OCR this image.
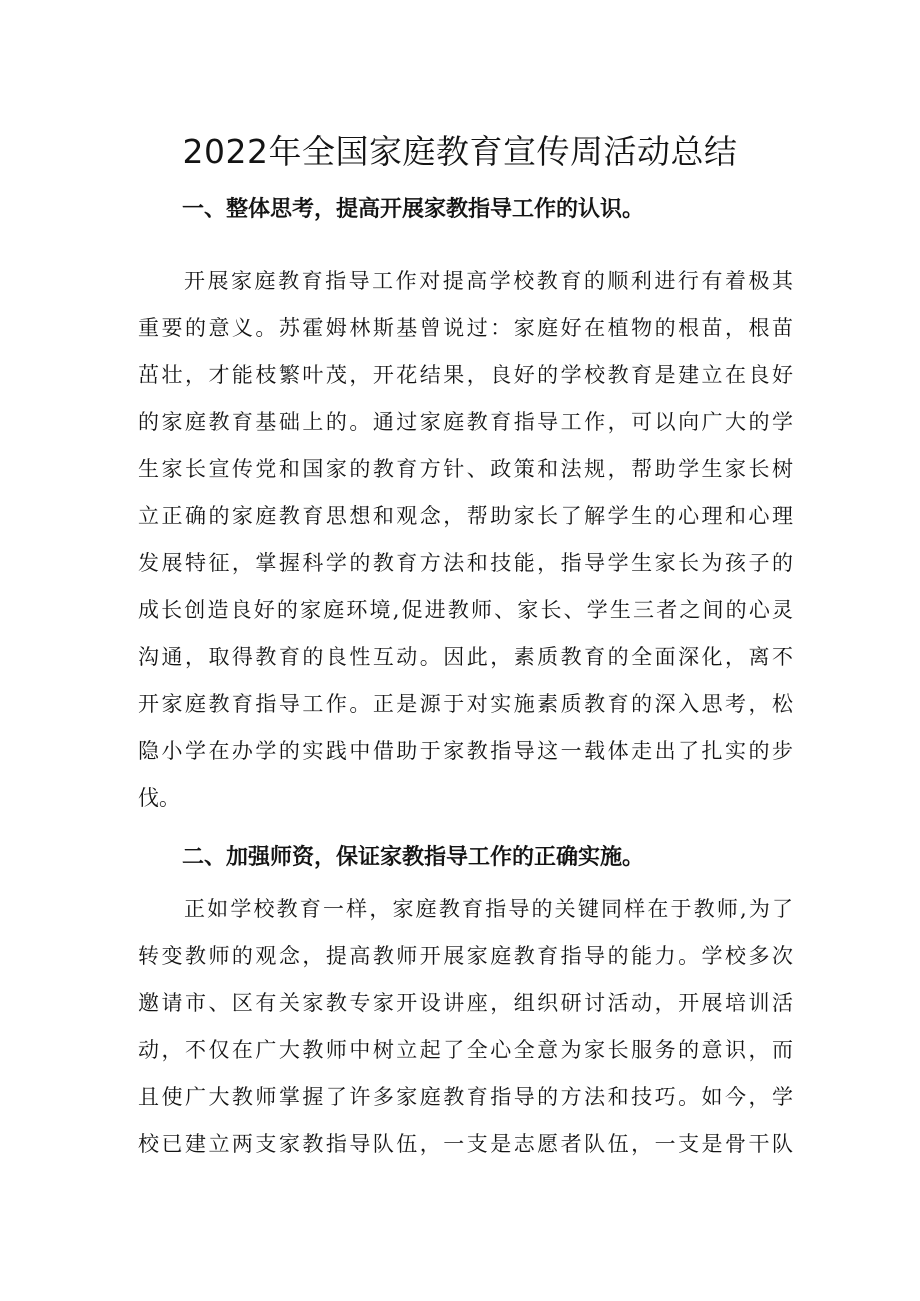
2022年全国家庭教育宣传周活动总结
一、整体思考，提高开展家教指导工作的认识。
开展家庭教育指导工作对提高学校教育的顺利进行有着极其
重要的意义。苏霍姆林斯基曾说过：家庭好在植物的根苗，根苗
茁壮，才能枝繁叶茂，开花结果，良好的学校教育是建立在良好
的家庭教育基础上的。通过家庭教育指导工作，可以向广大的学
生家长宣传党和国家的教育方针、政策和法规，帮助学生家长树
立正确的家庭教育思想和观念，帮助家长了解学生的心理和心理
发展特征，掌握科学的教育方法和技能，指导学生家长为孩子的
成长创造良好的家庭环境,促进教师、家长、学生三者之间的心灵
沟通，取得教育的良性互动。因此，素质教育的全面深化，离不
开家庭教育指导工作。正是源于对实施素质教育的深入思考，松
隐小学在办学的实践中借助于家教指导这一载体走出了扎实的步
伐。
二、加强师资，保证家教指导工作的正确实施。
正如学校教育一样，家庭教育指导的关键同样在于教师,为了
转变教师的观念，提高教师开展家庭教育指导的能力。学校多次
邀请市、区有关家教专家开设讲座，组织研讨活动，开展培训活
动，不仅在广大教师中树立起了全心全意为家长服务的意识，而
且使广大教师掌握了许多家庭教育指导的方法和技巧。如今，学
校已建立两支家教指导队伍，一支是志愿者队伍，一支是骨干队
